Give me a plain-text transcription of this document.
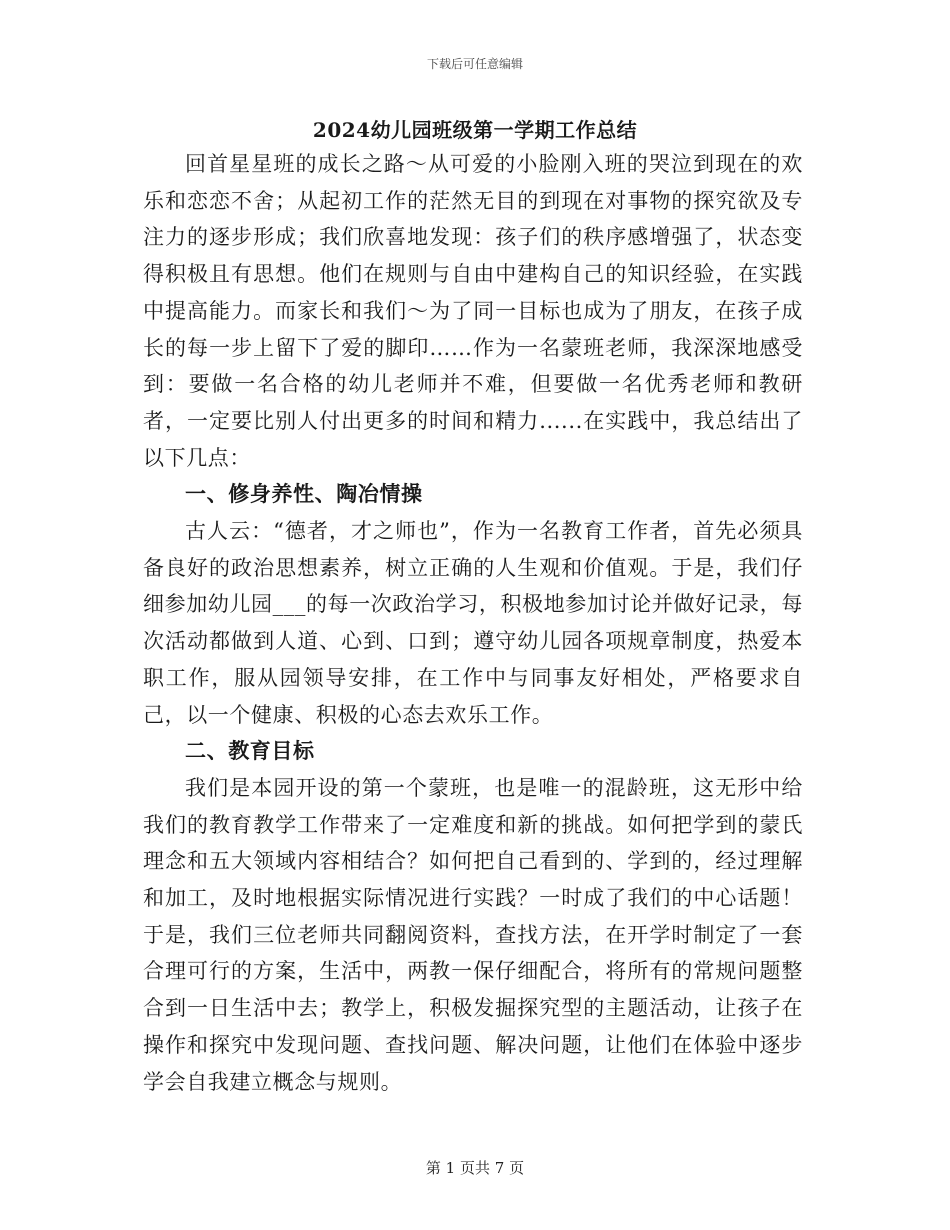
下载后可任意编辑
2024幼儿园班级第一学期工作总结

回首星星班的成长之路～从可爱的小脸刚入班的哭泣到现在的欢乐和恋恋不舍；从起初工作的茫然无目的到现在对事物的探究欲及专注力的逐步形成；我们欣喜地发现：孩子们的秩序感增强了，状态变得积极且有思想。他们在规则与自由中建构自己的知识经验，在实践中提高能力。而家长和我们～为了同一目标也成为了朋友，在孩子成长的每一步上留下了爱的脚印……作为一名蒙班老师，我深深地感受到：要做一名合格的幼儿老师并不难，但要做一名优秀老师和教研者，一定要比别人付出更多的时间和精力......在实践中，我总结出了以下几点：

一、修身养性、陶冶情操

古人云：“德者，才之师也”，作为一名教育工作者，首先必须具备良好的政治思想素养，树立正确的人生观和价值观。于是，我们仔细参加幼儿园___的每一次政治学习，积极地参加讨论并做好记录，每次活动都做到人道、心到、口到；遵守幼儿园各项规章制度，热爱本职工作，服从园领导安排，在工作中与同事友好相处，严格要求自己，以一个健康、积极的心态去欢乐工作。

二、教育目标

我们是本园开设的第一个蒙班，也是唯一的混龄班，这无形中给我们的教育教学工作带来了一定难度和新的挑战。如何把学到的蒙氏理念和五大领域内容相结合？如何把自己看到的、学到的，经过理解和加工，及时地根据实际情况进行实践？一时成了我们的中心话题！于是，我们三位老师共同翻阅资料，查找方法，在开学时制定了一套合理可行的方案，生活中，两教一保仔细配合，将所有的常规问题整合到一日生活中去；教学上，积极发掘探究型的主题活动，让孩子在操作和探究中发现问题、查找问题、解决问题，让他们在体验中逐步学会自我建立概念与规则。

第 1 页共 7 页
